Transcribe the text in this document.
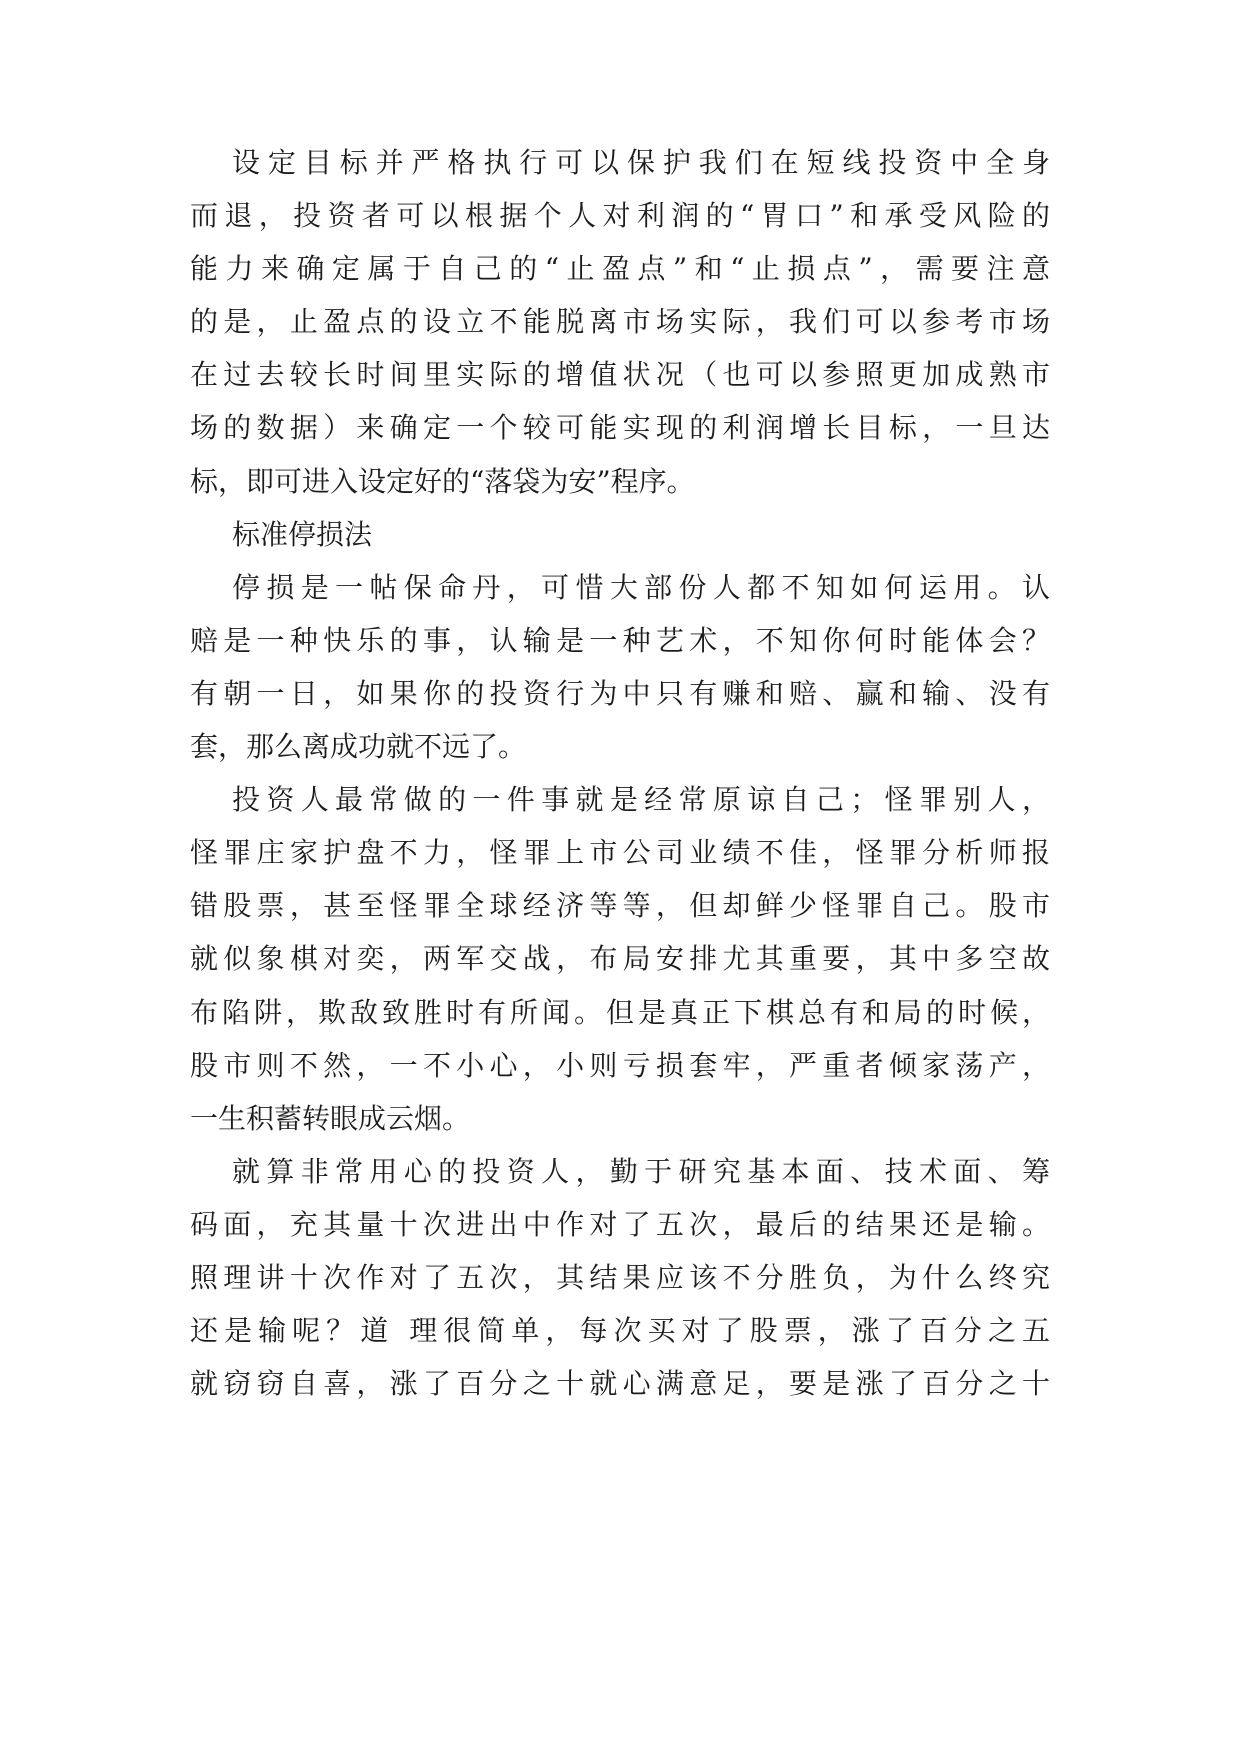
设定目标并严格执行可以保护我们在短线投资中全身
而退，投资者可以根据个人对利润的“胃口”和承受风险的
能力来确定属于自己的“止盈点”和“止损点”，需要注意
的是，止盈点的设立不能脱离市场实际，我们可以参考市场
在过去较长时间里实际的增值状况（也可以参照更加成熟市
场的数据）来确定一个较可能实现的利润增长目标，一旦达
标，即可进入设定好的“落袋为安”程序。
标准停损法
停损是一帖保命丹，可惜大部份人都不知如何运用。认
赔是一种快乐的事，认输是一种艺术，不知你何时能体会？
有朝一日，如果你的投资行为中只有赚和赔、赢和输、没有
套，那么离成功就不远了。
投资人最常做的一件事就是经常原谅自己；怪罪别人，
怪罪庄家护盘不力，怪罪上市公司业绩不佳，怪罪分析师报
错股票，甚至怪罪全球经济等等，但却鲜少怪罪自己。股市
就似象棋对奕，两军交战，布局安排尤其重要，其中多空故
布陷阱，欺敌致胜时有所闻。但是真正下棋总有和局的时候，
股市则不然，一不小心，小则亏损套牢，严重者倾家荡产，
一生积蓄转眼成云烟。
就算非常用心的投资人，勤于研究基本面、技术面、筹
码面，充其量十次进出中作对了五次，最后的结果还是输。
照理讲十次作对了五次，其结果应该不分胜负，为什么终究
还是输呢？道 理很简单，每次买对了股票，涨了百分之五
就窃窃自喜，涨了百分之十就心满意足，要是涨了百分之十
